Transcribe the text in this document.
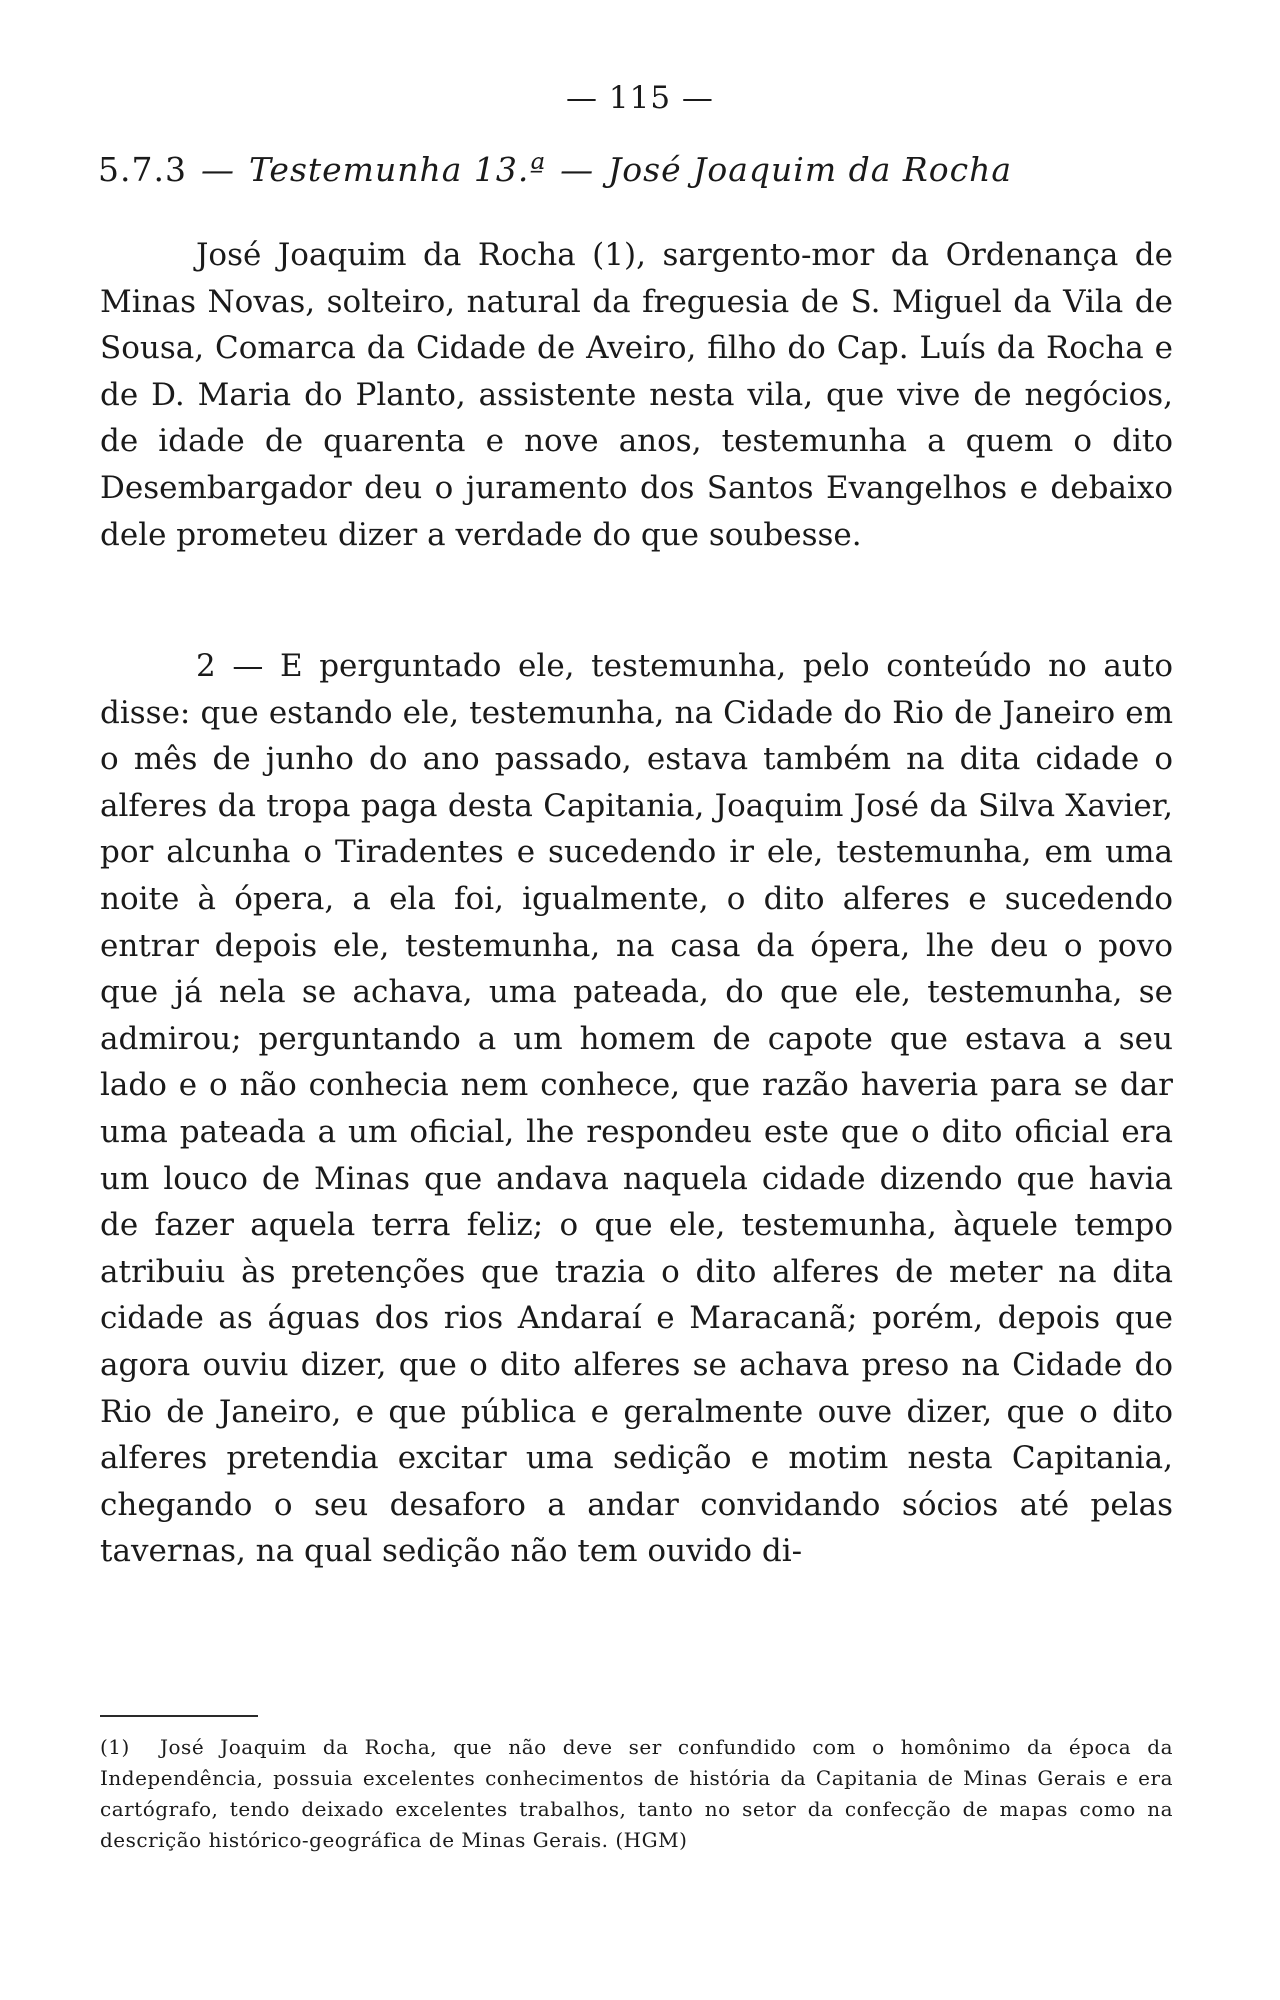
— 115 —
5.7.3 — Testemunha 13.ª — José Joaquim da Rocha

José Joaquim da Rocha (1), sargento-mor da Ordenança de Minas Novas, solteiro, natural da freguesia de S. Miguel da Vila de Sousa, Comarca da Cidade de Aveiro, filho do Cap. Luís da Rocha e de D. Maria do Planto, assistente nesta vila, que vive de negócios, de idade de quarenta e nove anos, testemunha a quem o dito Desembargador deu o juramento dos Santos Evangelhos e debaixo dele prometeu dizer a verdade do que soubesse.

2 — E perguntado ele, testemunha, pelo conteúdo no auto disse: que estando ele, testemunha, na Cidade do Rio de Janeiro em o mês de junho do ano passado, estava também na dita cidade o alferes da tropa paga desta Capitania, Joaquim José da Silva Xavier, por alcunha o Tiradentes e sucedendo ir ele, testemunha, em uma noite à ópera, a ela foi, igualmente, o dito alferes e sucedendo entrar depois ele, testemunha, na casa da ópera, lhe deu o povo que já nela se achava, uma pateada, do que ele, testemunha, se admirou; perguntando a um homem de capote que estava a seu lado e o não conhecia nem conhece, que razão haveria para se dar uma pateada a um oficial, lhe respondeu este que o dito oficial era um louco de Minas que andava naquela cidade dizendo que havia de fazer aquela terra feliz; o que ele, testemunha, àquele tempo atribuiu às pretenções que trazia o dito alferes de meter na dita cidade as águas dos rios Andaraí e Maracanã; porém, depois que agora ouviu dizer, que o dito alferes se achava preso na Cidade do Rio de Janeiro, e que pública e geralmente ouve dizer, que o dito alferes pretendia excitar uma sedição e motim nesta Capitania, chegando o seu desaforo a andar convidando sócios até pelas tavernas, na qual sedição não tem ouvido di-

(1) José Joaquim da Rocha, que não deve ser confundido com o homônimo da época da Independência, possuia excelentes conhecimentos de história da Capitania de Minas Gerais e era cartógrafo, tendo deixado excelentes trabalhos, tanto no setor da confecção de mapas como na descrição histórico-geográfica de Minas Gerais. (HGM)
